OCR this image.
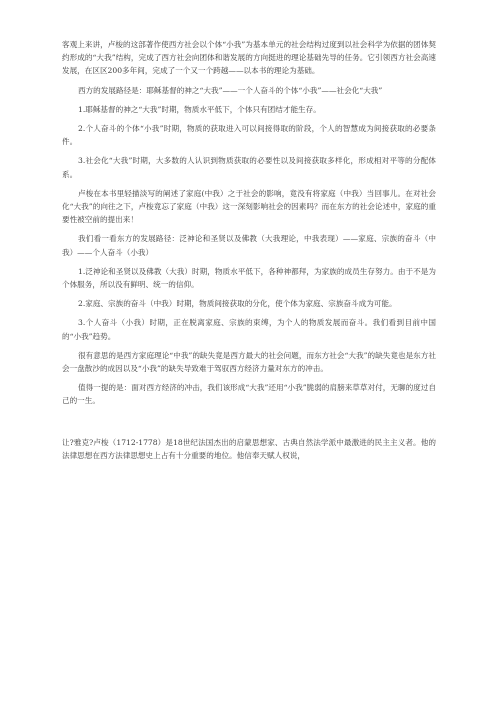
客观上来讲，卢梭的这部著作使西方社会以个体“小我”为基本单元的社会结构过度到以社会科学为依据的团体契约形成的“大我”结构，完成了西方社会向团体和谐发展的方向挺进的理论基础先导的任务。它引领西方社会高速发展，在区区200多年间，完成了一个又一个跨越——以本书的理论为基础。

西方的发展路径是：耶稣基督的神之“大我”——一个人奋斗的个体“小我”——社会化“大我”

1.耶稣基督的神之“大我”时期，物质水平低下，个体只有团结才能生存。

2.个人奋斗的个体“小我”时期，物质的获取进入可以间接得取的阶段，个人的智慧成为间接获取的必要条件。

3.社会化“大我”时期，大多数的人认识到物质获取的必要性以及间接获取多样化，形成相对平等的分配体系。

卢梭在本书里轻描淡写的阐述了家庭(中我）之于社会的影响，竟没有将家庭（中我）当回事儿。在对社会化“大我”的向往之下，卢梭竟忘了家庭（中我）这一深刻影响社会的因素吗？而在东方的社会论述中，家庭的重要性被空前的提出来！

我们看一看东方的发展路径：泛神论和圣贤以及佛教（大我理论，中我表现）——家庭、宗族的奋斗（中我）——个人奋斗（小我）

1.泛神论和圣贤以及佛教（大我）时期，物质水平低下，各种神都拜，为家族的成员生存努力。由于不是为个体服务，所以没有鲜明、统一的信仰。

2.家庭、宗族的奋斗（中我）时期，物质间接获取的分化，使个体为家庭、宗族奋斗成为可能。

3.个人奋斗（小我）时期，正在脱离家庭、宗族的束缚，为个人的物质发展而奋斗。我们看到目前中国的“小我”趋势。

很有意思的是西方家庭理论“中我”的缺失竟是西方最大的社会问题，而东方社会“大我”的缺失竟也是东方社会一盘散沙的成因以及“小我”的缺失导致难于驾驭西方经济力量对东方的冲击。

值得一提的是：面对西方经济的冲击，我们该形成“大我”还用“小我”脆弱的肩膀来草草对付，无聊的度过自己的一生。

让?雅克?卢梭（1712-1778）是18世纪法国杰出的启蒙思想家、古典自然法学派中最激进的民主主义者。他的法律思想在西方法律思想史上占有十分重要的地位。他信奉天赋人权说，
